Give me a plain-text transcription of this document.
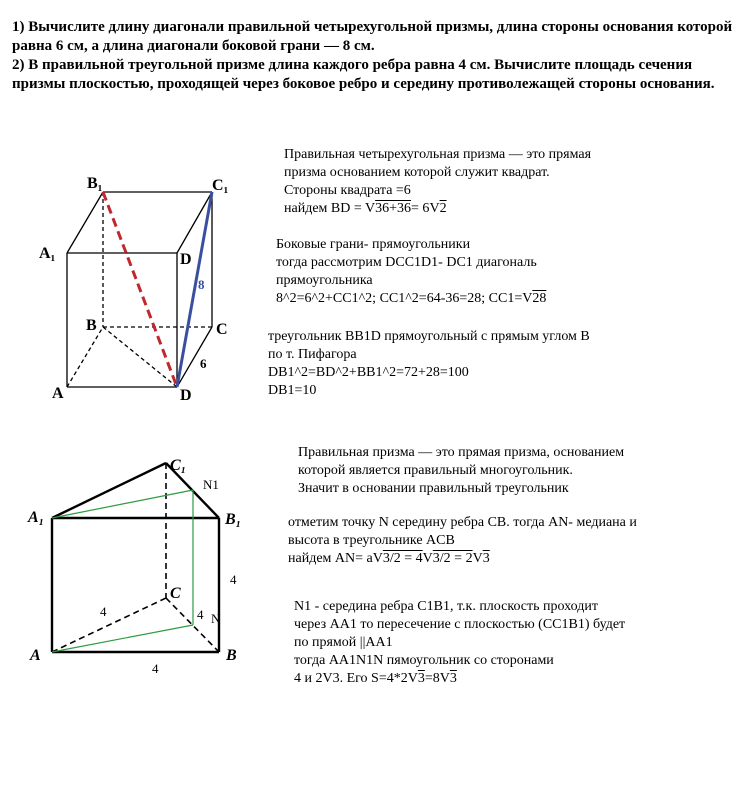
1) Вычислите длину диагонали правильной четырехугольной призмы, длина стороны основания которой равна 6 см, а длина диагонали боковой грани — 8 см.

2) В правильной треугольной призме длина каждого ребра равна 4 см. Вычислите площадь сечения призмы плоскостью, проходящей через боковое ребро и середину противолежащей стороны основания.

Правильная четырехугольная призма — это прямая
призма основанием которой служит квадрат.
Стороны квадрата =6
найдем BD = V36+36= 6V2
Боковые грани- прямоугольники
тогда рассмотрим DCC1D1- DC1 диагональ
прямоугольника
8^2=6^2+CC1^2; CC1^2=64-36=28; CC1=V28
треугольник BB1D прямоугольный с прямым углом B
по т. Пифагора
DB1^2=BD^2+BB1^2=72+28=100
DB1=10
Правильная призма — это прямая призма, основанием
которой является правильный многоугольник.
Значит в основании правильный треугольник
отметим точку N середину ребра CB. тогда AN- медиана и
высота в треугольнике ACB
найдем AN= aV3/2 = 4V3/2 = 2V3
N1 - середина ребра C1B1, т.к. плоскость проходит
через AA1 то пересечение с плоскостью (CC1B1) будет
по прямой ||AA1
тогда AA1N1N пямоугольник со сторонами
4 и 2V3. Его S=4*2V3=8V3
B₁	C₁
A₁	D
B	C
A	D
8
6
C₁
N1
A₁	B₁
C
A	B
N
4	4
4
4
